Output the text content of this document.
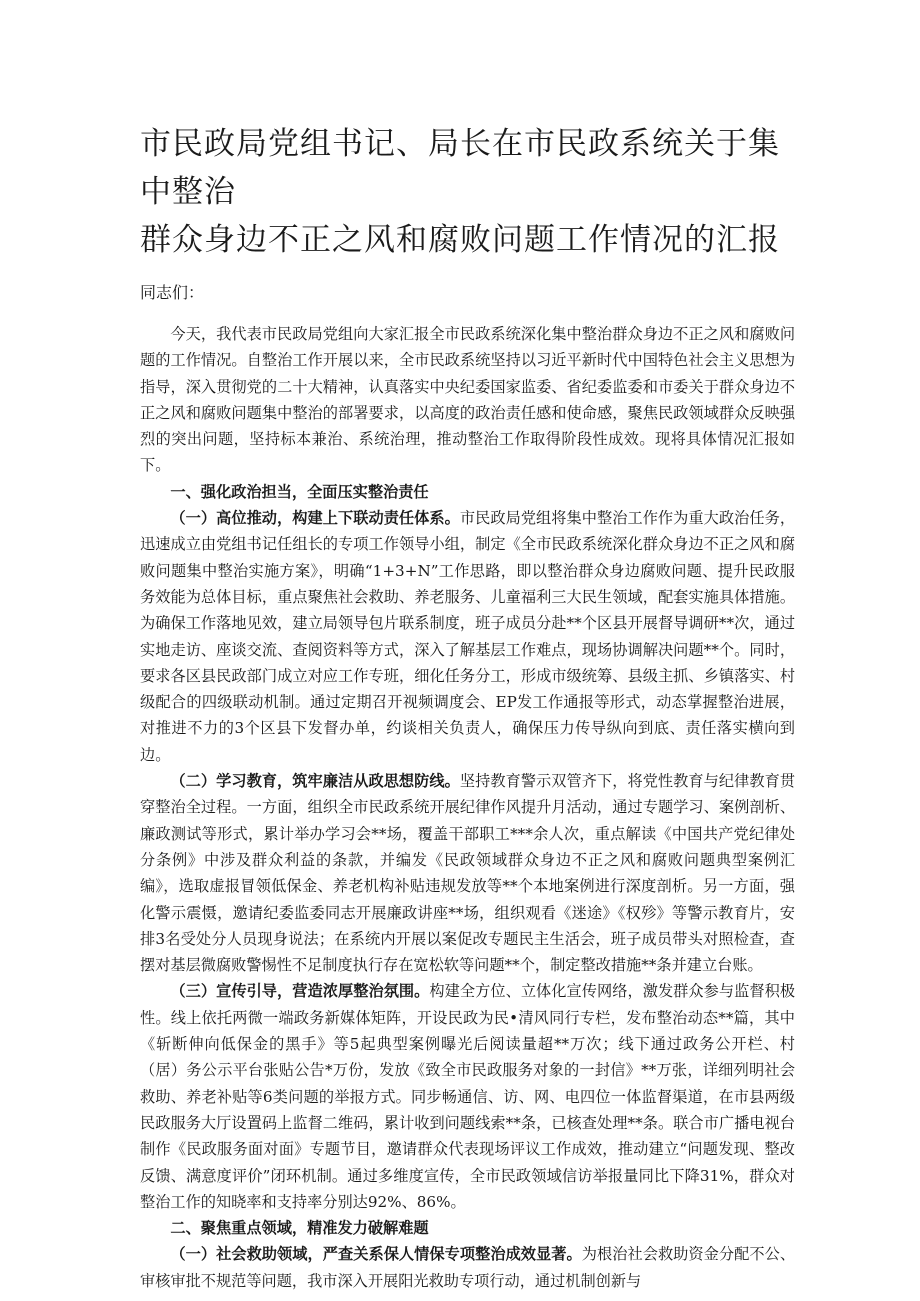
市民政局党组书记、局长在市民政系统关于集中整治
群众身边不正之风和腐败问题工作情况的汇报同志们：

今天，我代表市民政局党组向大家汇报全市民政系统深化集中整治群众身边不正之风和腐败问题的工作情况。自整治工作开展以来，全市民政系统坚持以习近平新时代中国特色社会主义思想为指导，深入贯彻党的二十大精神，认真落实中央纪委国家监委、省纪委监委和市委关于群众身边不正之风和腐败问题集中整治的部署要求，以高度的政治责任感和使命感，聚焦民政领域群众反映强烈的突出问题，坚持标本兼治、系统治理，推动整治工作取得阶段性成效。现将具体情况汇报如下。

一、强化政治担当，全面压实整治责任

（一）高位推动，构建上下联动责任体系。市民政局党组将集中整治工作作为重大政治任务，迅速成立由党组书记任组长的专项工作领导小组，制定《全市民政系统深化群众身边不正之风和腐败问题集中整治实施方案》，明确“1+3+N”工作思路，即以整治群众身边腐败问题、提升民政服务效能为总体目标，重点聚焦社会救助、养老服务、儿童福利三大民生领域，配套实施具体措施。为确保工作落地见效，建立局领导包片联系制度，班子成员分赴**个区县开展督导调研**次，通过实地走访、座谈交流、查阅资料等方式，深入了解基层工作难点，现场协调解决问题**个。同时，要求各区县民政部门成立对应工作专班，细化任务分工，形成市级统筹、县级主抓、乡镇落实、村级配合的四级联动机制。通过定期召开视频调度会、EP发工作通报等形式，动态掌握整治进展，对推进不力的3个区县下发督办单，约谈相关负责人，确保压力传导纵向到底、责任落实横向到边。

（二）学习教育，筑牢廉洁从政思想防线。坚持教育警示双管齐下，将党性教育与纪律教育贯穿整治全过程。一方面，组织全市民政系统开展纪律作风提升月活动，通过专题学习、案例剖析、廉政测试等形式，累计举办学习会**场，覆盖干部职工***余人次，重点解读《中国共产党纪律处分条例》中涉及群众利益的条款，并编发《民政领域群众身边不正之风和腐败问题典型案例汇编》，选取虚报冒领低保金、养老机构补贴违规发放等**个本地案例进行深度剖析。另一方面，强化警示震慑，邀请纪委监委同志开展廉政讲座**场，组织观看《迷途》《权殄》等警示教育片，安排3名受处分人员现身说法；在系统内开展以案促改专题民主生活会，班子成员带头对照检查，查摆对基层微腐败警惕性不足制度执行存在宽松软等问题**个，制定整改措施**条并建立台账。

（三）宣传引导，营造浓厚整治氛围。构建全方位、立体化宣传网络，激发群众参与监督积极性。线上依托两微一端政务新媒体矩阵，开设民政为民•清风同行专栏，发布整治动态**篇，其中《斩断伸向低保金的黑手》等5起典型案例曝光后阅读量超**万次；线下通过政务公开栏、村（居）务公示平台张贴公告*万份，发放《致全市民政服务对象的一封信》**万张，详细列明社会救助、养老补贴等6类问题的举报方式。同步畅通信、访、网、电四位一体监督渠道，在市县两级民政服务大厅设置码上监督二维码，累计收到问题线索**条，已核查处理**条。联合市广播电视台制作《民政服务面对面》专题节目，邀请群众代表现场评议工作成效，推动建立“问题发现、整改反馈、满意度评价”闭环机制。通过多维度宣传，全市民政领域信访举报量同比下降31%，群众对整治工作的知晓率和支持率分别达92%、86%。

二、聚焦重点领域，精准发力破解难题

（一）社会救助领域，严查关系保人情保专项整治成效显著。为根治社会救助资金分配不公、审核审批不规范等问题，我市深入开展阳光救助专项行动，通过机制创新与
